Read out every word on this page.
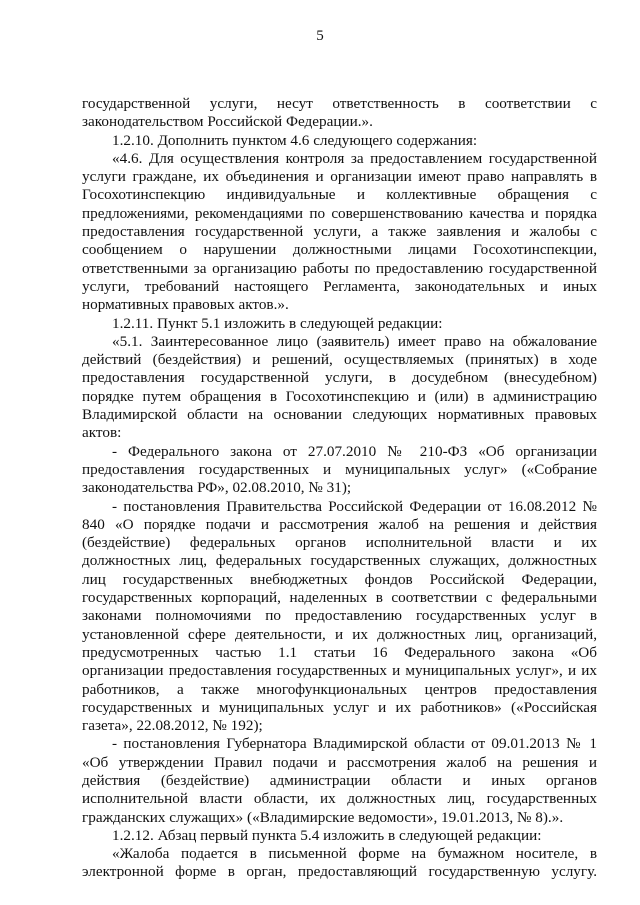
5
государственной услуги, несут ответственность в соответствии с
законодательством Российской Федерации.».
1.2.10. Дополнить пунктом 4.6 следующего содержания:
«4.6. Для осуществления контроля за предоставлением государственной
услуги граждане, их объединения и организации имеют право направлять в
Госохотинспекцию индивидуальные и коллективные обращения с
предложениями, рекомендациями по совершенствованию качества и порядка
предоставления государственной услуги, а также заявления и жалобы с
сообщением о нарушении должностными лицами Госохотинспекции,
ответственными за организацию работы по предоставлению государственной
услуги, требований настоящего Регламента, законодательных и иных
нормативных правовых актов.».
1.2.11. Пункт 5.1 изложить в следующей редакции:
«5.1. Заинтересованное лицо (заявитель) имеет право на обжалование
действий (бездействия) и решений, осуществляемых (принятых) в ходе
предоставления государственной услуги, в досудебном (внесудебном)
порядке путем обращения в Госохотинспекцию и (или) в администрацию
Владимирской области на основании следующих нормативных правовых
актов:
- Федерального закона от 27.07.2010 № 210-ФЗ «Об организации
предоставления государственных и муниципальных услуг» («Собрание
законодательства РФ», 02.08.2010, № 31);
- постановления Правительства Российской Федерации от 16.08.2012 №
840 «О порядке подачи и рассмотрения жалоб на решения и действия
(бездействие) федеральных органов исполнительной власти и их
должностных лиц, федеральных государственных служащих, должностных
лиц государственных внебюджетных фондов Российской Федерации,
государственных корпораций, наделенных в соответствии с федеральными
законами полномочиями по предоставлению государственных услуг в
установленной сфере деятельности, и их должностных лиц, организаций,
предусмотренных частью 1.1 статьи 16 Федерального закона «Об
организации предоставления государственных и муниципальных услуг», и их
работников, а также многофункциональных центров предоставления
государственных и муниципальных услуг и их работников» («Российская
газета», 22.08.2012, № 192);
- постановления Губернатора Владимирской области от 09.01.2013 № 1
«Об утверждении Правил подачи и рассмотрения жалоб на решения и
действия (бездействие) администрации области и иных органов
исполнительной власти области, их должностных лиц, государственных
гражданских служащих» («Владимирские ведомости», 19.01.2013, № 8).».
1.2.12. Абзац первый пункта 5.4 изложить в следующей редакции:
«Жалоба подается в письменной форме на бумажном носителе, в
электронной форме в орган, предоставляющий государственную услугу.
